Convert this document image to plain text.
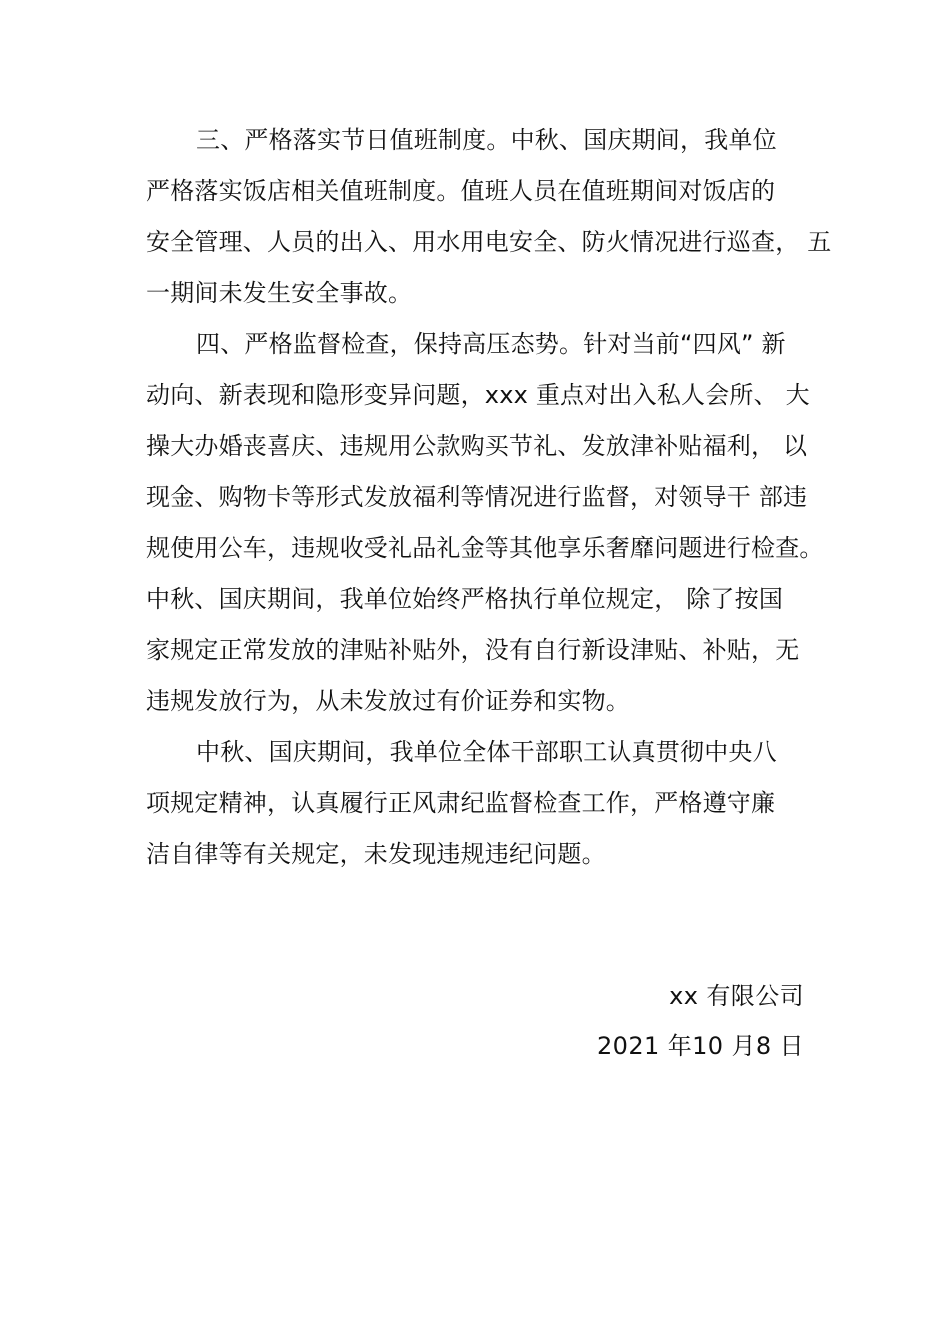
三、严格落实节日值班制度。中秋、国庆期间，我单位
严格落实饭店相关值班制度。值班人员在值班期间对饭店的
安全管理、人员的出入、用水用电安全、防火情况进行巡查， 五
一期间未发生安全事故。
四、严格监督检查，保持高压态势。针对当前“四风” 新
动向、新表现和隐形变异问题，xxx 重点对出入私人会所、 大
操大办婚丧喜庆、违规用公款购买节礼、发放津补贴福利， 以
现金、购物卡等形式发放福利等情况进行监督，对领导干 部违
规使用公车，违规收受礼品礼金等其他享乐奢靡问题进行检查。
中秋、国庆期间，我单位始终严格执行单位规定， 除了按国
家规定正常发放的津贴补贴外，没有自行新设津贴、补贴，无
违规发放行为，从未发放过有价证券和实物。
中秋、国庆期间，我单位全体干部职工认真贯彻中央八
项规定精神，认真履行正风肃纪监督检查工作，严格遵守廉
洁自律等有关规定，未发现违规违纪问题。
xx 有限公司
2021 年10 月8 日
